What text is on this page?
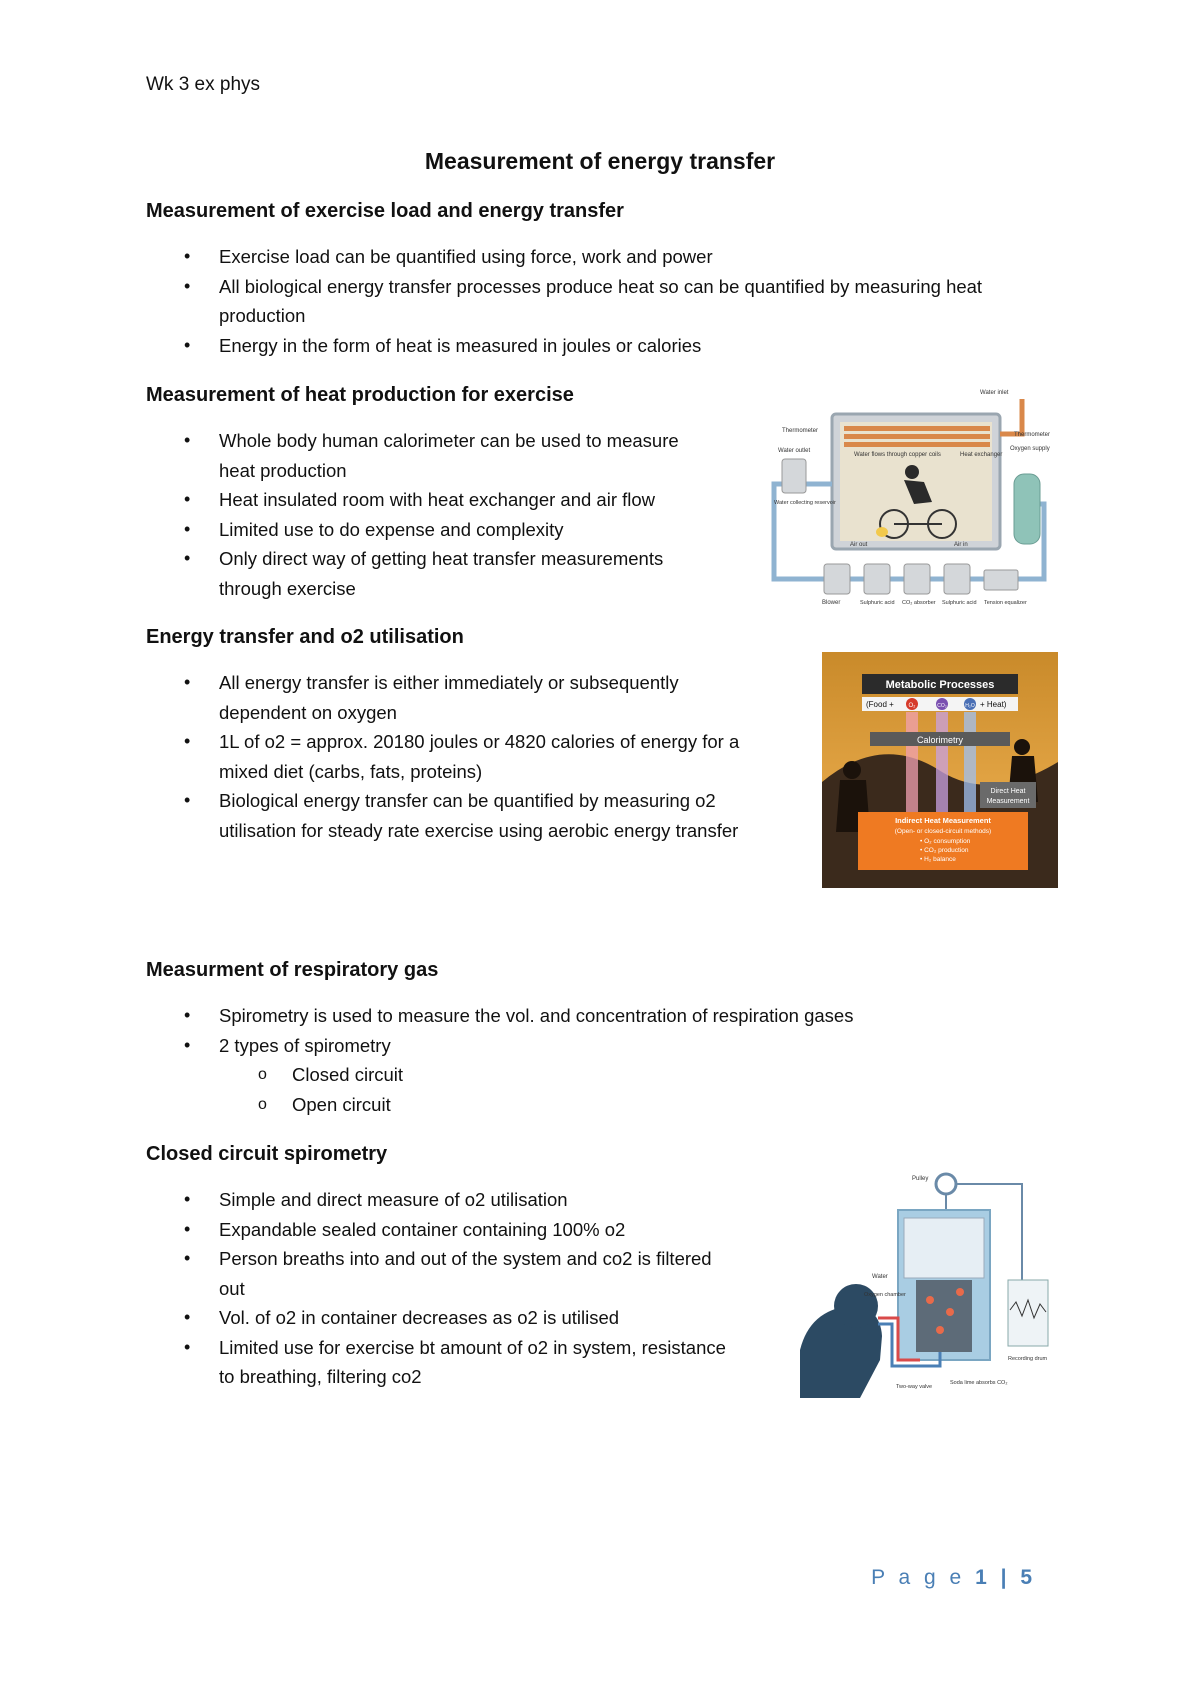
Wk 3 ex phys
Measurement of energy transfer
Measurement of exercise load and energy transfer
• Exercise load can be quantified using force, work and power
• All biological energy transfer processes produce heat so can be quantified by measuring heat
production
• Energy in the form of heat is measured in joules or calories
Measurement of heat production for exercise
• Whole body human calorimeter can be used to measure
heat production
• Heat insulated room with heat exchanger and air flow
• Limited use to do expense and complexity
• Only direct way of getting heat transfer measurements
through exercise
Energy transfer and o2 utilisation
• All energy transfer is either immediately or subsequently
dependent on oxygen
• 1L of o2 = approx. 20180 joules or 4820 calories of energy for a
mixed diet (carbs, fats, proteins)
• Biological energy transfer can be quantified by measuring o2
utilisation for steady rate exercise using aerobic energy transfer
Measurment of respiratory gas
• Spirometry is used to measure the vol. and concentration of respiration gases
• 2 types of spirometry
o Closed circuit
o Open circuit
Closed circuit spirometry
• Simple and direct measure of o2 utilisation
• Expandable sealed container containing 100% o2
• Person breaths into and out of the system and co2 is filtered
out
• Vol. of o2 in container decreases as o2 is utilised
• Limited use for exercise bt amount of o2 in system, resistance
to breathing, filtering co2
Water inlet
Thermometer
Thermometer
Oxygen supply
Water outlet
Water flows through copper coils	Heat exchanger
Water collecting reservoir
Air out	Air in
Blower	Sulphuric acid CO₂ absorber Sulphuric acid Tension equalizer
Metabolic Processes
(Food + O₂	CO₂	H₂O + Heat)
Calorimetry
Direct Heat
Measurement
Indirect Heat Measurement
(Open- or closed-circuit methods)
• O₂ consumption
• CO₂ production
• H₂ balance
Pulley
Water
Oxygen chamber
Soda lime absorbs CO₂
Recording drum
Two-way valve
P a g e 1 | 5
